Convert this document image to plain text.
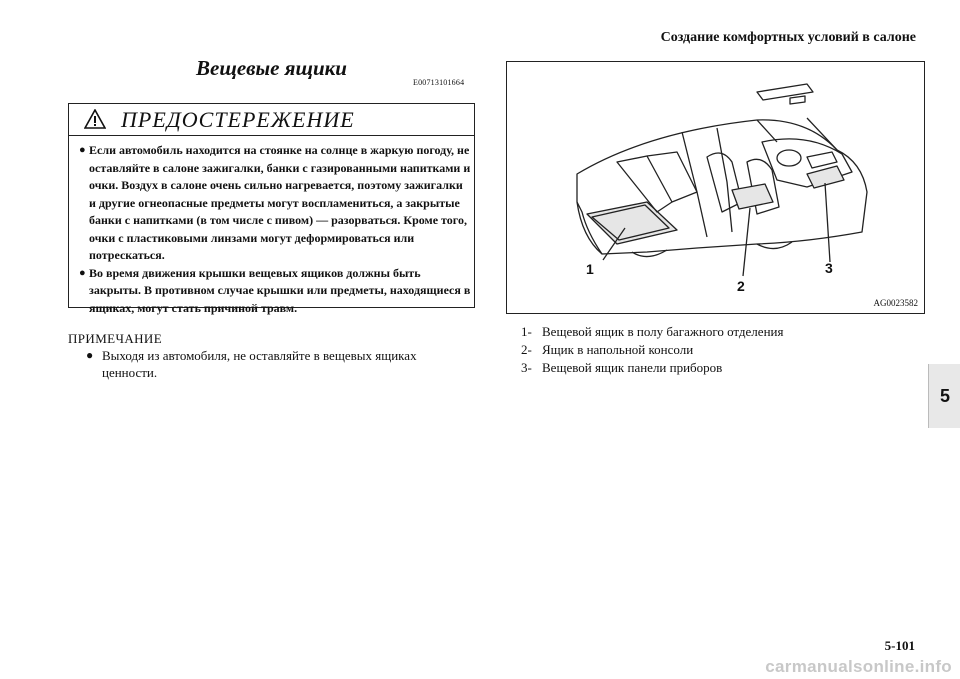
Создание комфортных условий в салоне
Вещевые ящики
E00713101664
ПРЕДОСТЕРЕЖЕНИЕ
● Если автомобиль находится на стоянке на солнце в жаркую погоду, не оставляйте в салоне зажигалки, банки с газированными напитками и очки. Воздух в салоне очень сильно нагревается, поэтому зажигалки и другие огнеопасные предметы могут воспламениться, а закрытые банки с напитками (в том числе с пивом) — разорваться. Кроме того, очки с пластиковыми линзами могут деформироваться или потрескаться.
● Во время движения крышки вещевых ящиков должны быть закрыты. В противном случае крышки или предметы, находящиеся в ящиках, могут стать причиной травм.
ПРИМЕЧАНИЕ
● Выходя из автомобиля, не оставляйте в вещевых ящиках ценности.
1
2
3
AG0023582
1- Вещевой ящик в полу багажного отделения
2- Ящик в напольной консоли
3- Вещевой ящик панели приборов
5
5-101
carmanualsonline.info
